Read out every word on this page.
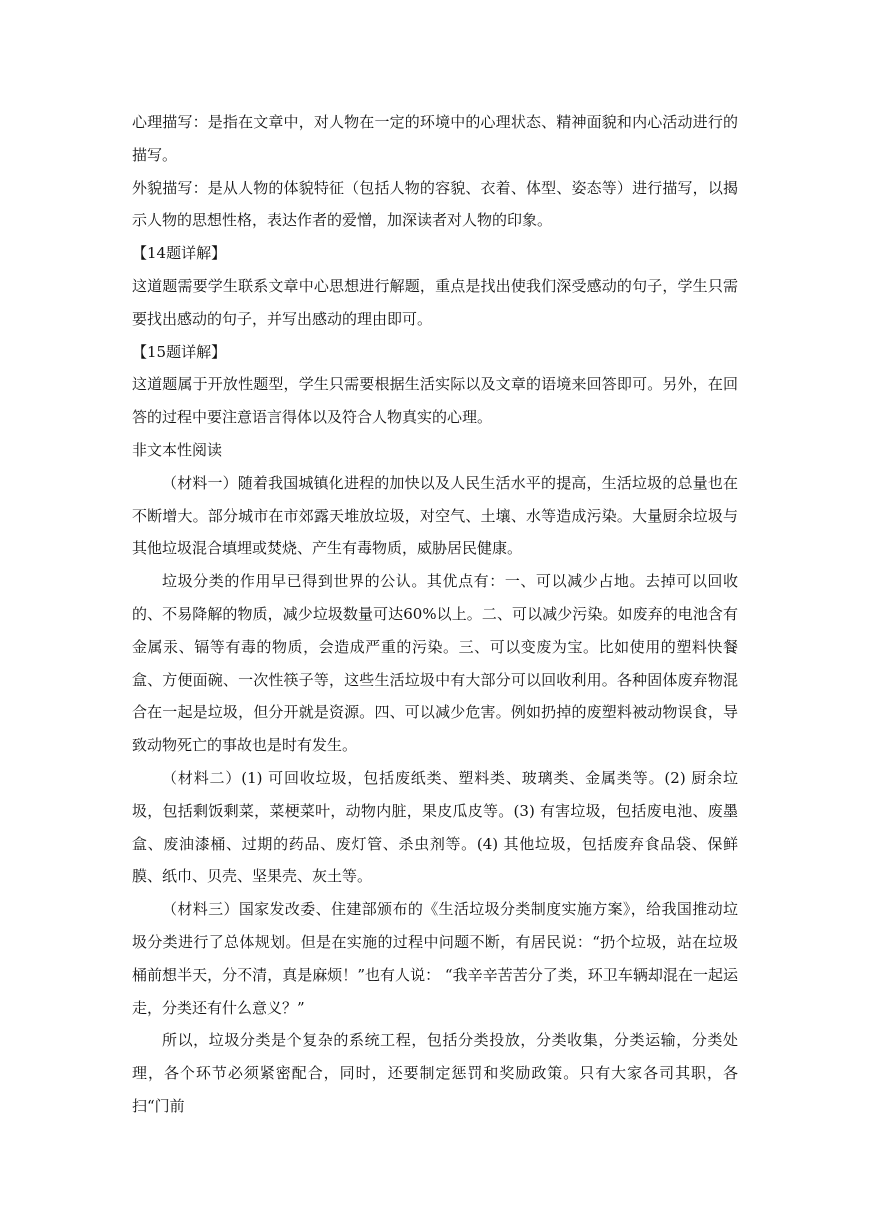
心理描写：是指在文章中，对人物在一定的环境中的心理状态、精神面貌和内心活动进行的描写。

外貌描写：是从人物的体貌特征（包括人物的容貌、衣着、体型、姿态等）进行描写，以揭示人物的思想性格，表达作者的爱憎，加深读者对人物的印象。

【14题详解】

这道题需要学生联系文章中心思想进行解题，重点是找出使我们深受感动的句子，学生只需要找出感动的句子，并写出感动的理由即可。

【15题详解】

这道题属于开放性题型，学生只需要根据生活实际以及文章的语境来回答即可。另外，在回答的过程中要注意语言得体以及符合人物真实的心理。

非文本性阅读

（材料一）随着我国城镇化进程的加快以及人民生活水平的提高，生活垃圾的总量也在不断增大。部分城市在市郊露天堆放垃圾，对空气、土壤、水等造成污染。大量厨余垃圾与其他垃圾混合填埋或焚烧、产生有毒物质，威胁居民健康。

垃圾分类的作用早已得到世界的公认。其优点有：一、可以减少占地。去掉可以回收的、不易降解的物质，减少垃圾数量可达60%以上。二、可以减少污染。如废弃的电池含有金属汞、镉等有毒的物质，会造成严重的污染。三、可以变废为宝。比如使用的塑料快餐盒、方便面碗、一次性筷子等，这些生活垃圾中有大部分可以回收利用。各种固体废弃物混合在一起是垃圾，但分开就是资源。四、可以减少危害。例如扔掉的废塑料被动物误食，导致动物死亡的事故也是时有发生。

（材料二）(1) 可回收垃圾，包括废纸类、塑料类、玻璃类、金属类等。(2) 厨余垃圾，包括剩饭剩菜，菜梗菜叶，动物内脏，果皮瓜皮等。(3) 有害垃圾，包括废电池、废墨盒、废油漆桶、过期的药品、废灯管、杀虫剂等。(4) 其他垃圾，包括废弃食品袋、保鲜膜、纸巾、贝壳、坚果壳、灰土等。

（材料三）国家发改委、住建部颁布的《生活垃圾分类制度实施方案》，给我国推动垃圾分类进行了总体规划。但是在实施的过程中问题不断，有居民说：“扔个垃圾，站在垃圾桶前想半天，分不清，真是麻烦！”也有人说： “我辛辛苦苦分了类，环卫车辆却混在一起运走，分类还有什么意义？”

所以，垃圾分类是个复杂的系统工程，包括分类投放，分类收集，分类运输，分类处理，各个环节必须紧密配合，同时，还要制定惩罚和奖励政策。只有大家各司其职，各扫“门前
